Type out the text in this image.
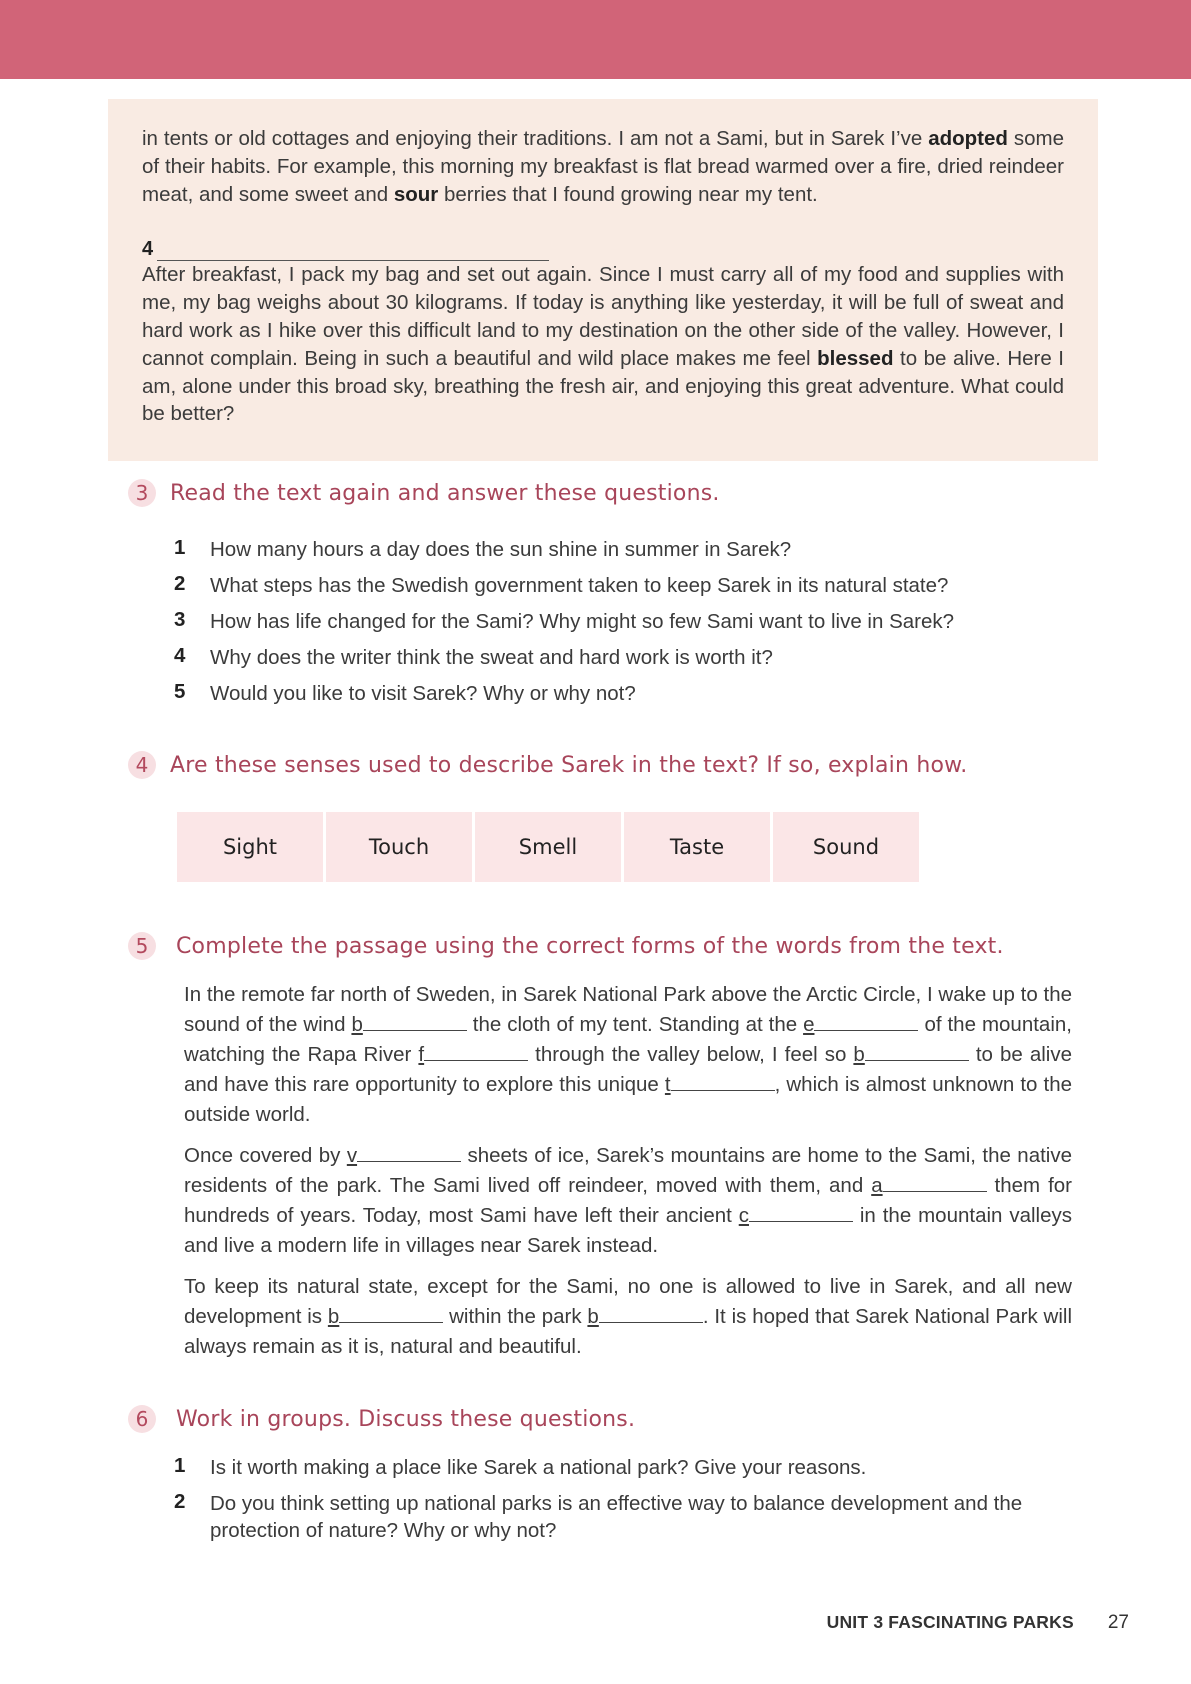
in tents or old cottages and enjoying their traditions. I am not a Sami, but in Sarek I’ve adopted some of their habits. For example, this morning my breakfast is flat bread warmed over a fire, dried reindeer meat, and some sweet and sour berries that I found growing near my tent.

4

After breakfast, I pack my bag and set out again. Since I must carry all of my food and supplies with me, my bag weighs about 30 kilograms. If today is anything like yesterday, it will be full of sweat and hard work as I hike over this difficult land to my destination on the other side of the valley. However, I cannot complain. Being in such a beautiful and wild place makes me feel blessed to be alive. Here I am, alone under this broad sky, breathing the fresh air, and enjoying this great adventure. What could be better?

3 Read the text again and answer these questions.
1	How many hours a day does the sun shine in summer in Sarek?
2	What steps has the Swedish government taken to keep Sarek in its natural state?
3	How has life changed for the Sami? Why might so few Sami want to live in Sarek?
4	Why does the writer think the sweat and hard work is worth it?
5	Would you like to visit Sarek? Why or why not?
4 Are these senses used to describe Sarek in the text? If so, explain how.
Sight	Touch	Smell	Taste	Sound
5	Complete the passage using the correct forms of the words from the text.

In the remote far north of Sweden, in Sarek National Park above the Arctic Circle, I wake up to the sound of the wind b	the cloth of my tent. Standing at the e	of the mountain, watching the Rapa River f	through the valley below, I feel so b	to be alive and have this rare opportunity to explore this unique t	, which is almost unknown to the outside world.

Once covered by v	sheets of ice, Sarek’s mountains are home to the Sami, the native residents of the park. The Sami lived off reindeer, moved with them, and a	them for hundreds of years. Today, most Sami have left their ancient c	in the mountain valleys and live a modern life in villages near Sarek instead.

To keep its natural state, except for the Sami, no one is allowed to live in Sarek, and all new development is b	within the park b	. It is hoped that Sarek National Park will always remain as it is, natural and beautiful.

6	Work in groups. Discuss these questions.
1	Is it worth making a place like Sarek a national park? Give your reasons.
2	Do you think setting up national parks is an effective way to balance development and the protection of nature? Why or why not?
UNIT 3 FASCINATING PARKS 27
